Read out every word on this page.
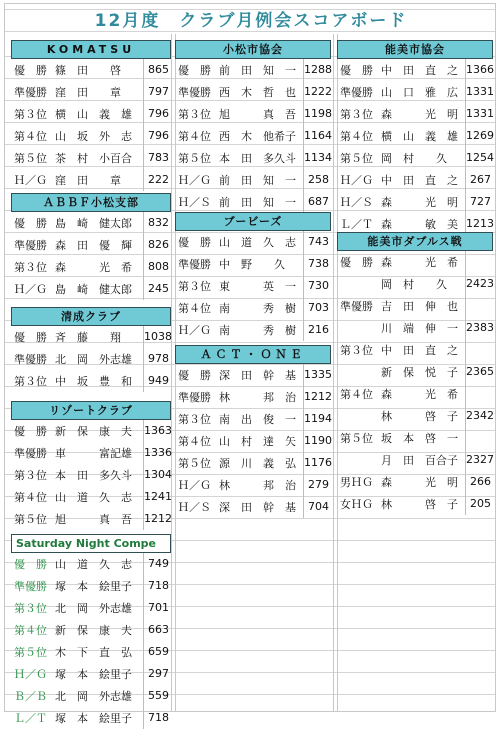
12月度　クラブ月例会スコアボード
KOMATSU
優　勝 篠　田　　啓	865
準優勝 窪　田　　章	797
第３位 横　山　義　雄	796
第４位 山　坂　外　志	796
第５位 茶　村　小百合	783
Ｈ／Ｇ 窪　田　　章	222
ＡＢＢＦ小松支部
優　勝 島　崎　健太郎	832
準優勝 森　田　優　輝	826
第３位 森　　　光　希	808
Ｈ／Ｇ 島　崎　健太郎	245
清成クラブ
優　勝 斉　藤　　翔	1038
準優勝 北　岡　外志雄	978
第３位 中　坂　豊　和	949
リゾートクラブ
優　勝 新　保　康　夫	1363
準優勝 車　　　富記雄	1336
第３位 本　田　多久斗	1304
第４位 山　道　久　志	1241
第５位 旭　　　真　吾	1212
Saturday Night Compe
優　勝 山　道　久　志	749
準優勝 塚　本　絵里子	718
第３位 北　岡　外志雄	701
第４位 新　保　康　夫	663
第５位 木　下　直　弘	659
Ｈ／Ｇ 塚　本　絵里子	297
Ｂ／Ｂ 北　岡　外志雄	559
Ｌ／Ｔ 塚　本　絵里子	718
小松市協会
優　勝 前　田　知　一 1288
準優勝 西　木　哲　也 1222
第３位 旭　　　真　吾 1198
第４位 西　木　他希子 1164
第５位 本　田　多久斗 1134
Ｈ／Ｇ 前　田　知　一	258
Ｈ／Ｓ 前　田　知　一	687
ブービーズ
優　勝 山　道　久　志	743
準優勝 中　野　　久	738
第３位 東　　　英　一	730
第４位 南　　　秀　樹	703
Ｈ／Ｇ 南　　　秀　樹	216
ＡＣＴ・ＯＮＥ
優　勝 深　田　幹　基 1335
準優勝 林　　　邦　治 1212
第３位 南　出　俊　一 1194
第４位 山　村　達　矢 1190
第５位 源　川　義　弘 1176
Ｈ／Ｇ 林　　　邦　治	279
Ｈ／Ｓ 深　田　幹　基	704
能美市協会
優　勝 中　田　直　之 1366
準優勝 山　口　雅　広 1331
第３位 森　　　光　明 1331
第４位 横　山　義　雄 1269
第５位 岡　村　　久	1254
Ｈ／Ｇ 中　田　直　之	267
Ｈ／Ｓ 森　　　光　明	727
Ｌ／Ｔ 森　　　敏　美 1213
能美市ダブルス戦
優　勝 森　　　光　希
岡　村　　久	2423
準優勝 吉　田　伸　也
川　端　伸　一 2383
第３位 中　田　直　之
新　保　悦　子 2365
第４位 森　　　光　希
林　　　啓　子 2342
第５位 坂　本　啓　一
月　田　百合子 2327
男ＨＧ 森　　　光　明	266
女ＨＧ 林　　　啓　子	205
